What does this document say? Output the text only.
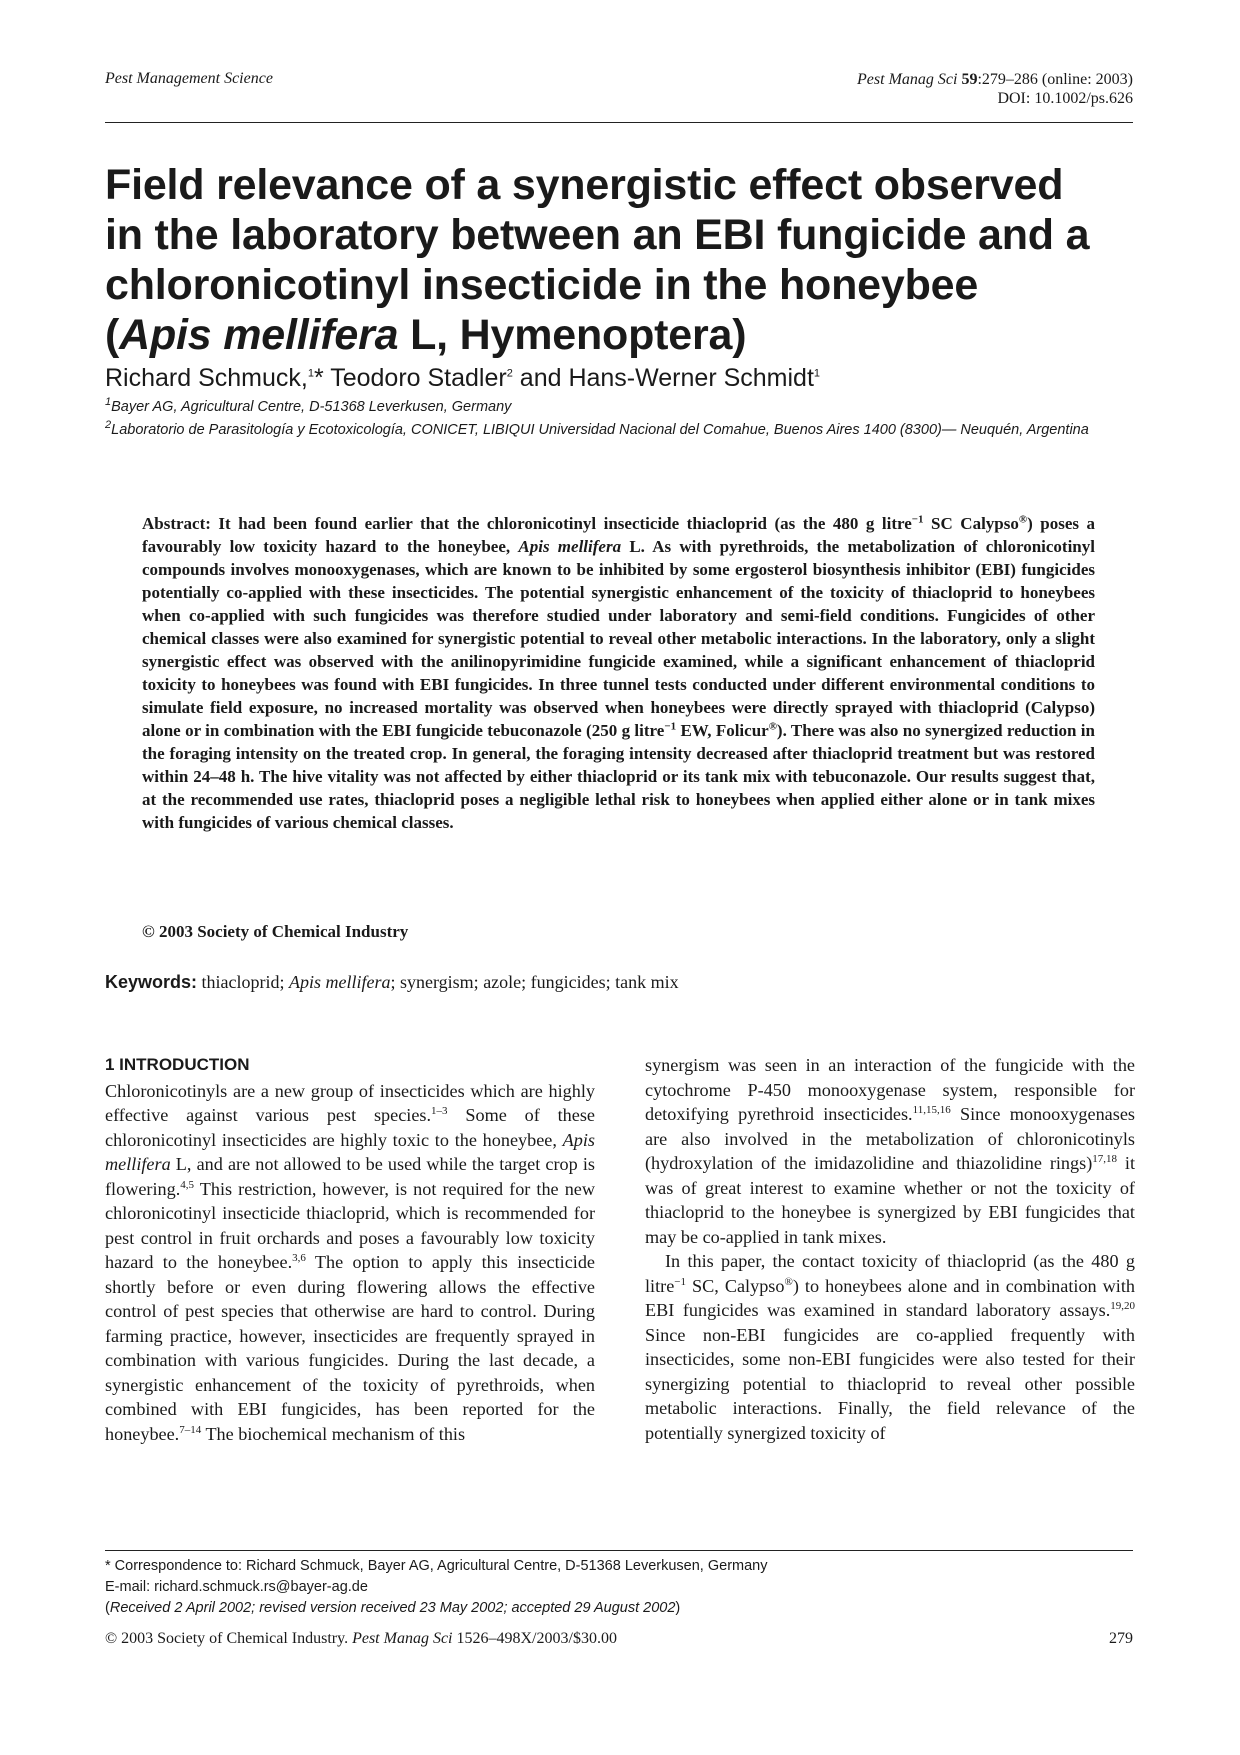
Pest Management Science	Pest Manag Sci 59:279–286 (online: 2003)
DOI: 10.1002/ps.626
Field relevance of a synergistic effect observed
in the laboratory between an EBI fungicide and a
chloronicotinyl insecticide in the honeybee
(Apis mellifera L, Hymenoptera)
Richard Schmuck,$^1$* Teodoro Stadler$^2$ and Hans-Werner Schmidt$^1$
$^1$Bayer AG, Agricultural Centre, D-51368 Leverkusen, Germany
$^2$Laboratorio de Parasitología y Ecotoxicología, CONICET, LIBIQUI Universidad Nacional del Comahue, Buenos Aires 1400 (8300)— Neuquén, Argentina
Abstract: It had been found earlier that the chloronicotinyl insecticide thiacloprid (as the 480 g litre$^{-1}$ SC Calypso®) poses a favourably low toxicity hazard to the honeybee, Apis mellifera L. As with pyrethroids, the metabolization of chloronicotinyl compounds involves monooxygenases, which are known to be inhibited by some ergosterol biosynthesis inhibitor (EBI) fungicides potentially co-applied with these insecticides. The potential synergistic enhancement of the toxicity of thiacloprid to honeybees when co-applied with such fungicides was therefore studied under laboratory and semi-field conditions. Fungicides of other chemical classes were also examined for synergistic potential to reveal other metabolic interactions. In the laboratory, only a slight synergistic effect was observed with the anilinopyrimidine fungicide examined, while a significant enhancement of thiacloprid toxicity to honeybees was found with EBI fungicides. In three tunnel tests conducted under different environmental conditions to simulate field exposure, no increased mortality was observed when honeybees were directly sprayed with thiacloprid (Calypso) alone or in combination with the EBI fungicide tebuconazole (250 g litre$^{-1}$ EW, Folicur®). There was also no synergized reduction in the foraging intensity on the treated crop. In general, the foraging intensity decreased after thiacloprid treatment but was restored within 24–48 h. The hive vitality was not affected by either thiacloprid or its tank mix with tebuconazole. Our results suggest that, at the recommended use rates, thiacloprid poses a negligible lethal risk to honeybees when applied either alone or in tank mixes with fungicides of various chemical classes.
© 2003 Society of Chemical Industry
Keywords: thiacloprid; Apis mellifera; synergism; azole; fungicides; tank mix
1 INTRODUCTION

Chloronicotinyls are a new group of insecticides which are highly effective against various pest species.$^{1-3}$ Some of these chloronicotinyl insecticides are highly toxic to the honeybee, Apis mellifera L, and are not allowed to be used while the target crop is flowering.$^{4,5}$ This restriction, however, is not required for the new chloronicotinyl insecticide thiacloprid, which is recommended for pest control in fruit orchards and poses a favourably low toxicity hazard to the honeybee.$^{3,6}$ The option to apply this insecticide shortly before or even during flowering allows the effective control of pest species that otherwise are hard to control. During farming practice, however, insecticides are frequently sprayed in combination with various fungicides. During the last decade, a synergistic enhancement of the toxicity of pyrethroids, when combined with EBI fungicides, has been reported for the honeybee.$^{7-14}$ The biochemical mechanism of this

synergism was seen in an interaction of the fungicide with the cytochrome P-450 monooxygenase system, responsible for detoxifying pyrethroid insecticides.$^{11,15,16}$ Since monooxygenases are also involved in the metabolization of chloronicotinyls (hydroxylation of the imidazolidine and thiazolidine rings)$^{17,18}$ it was of great interest to examine whether or not the toxicity of thiacloprid to the honeybee is synergized by EBI fungicides that may be co-applied in tank mixes.

In this paper, the contact toxicity of thiacloprid (as the 480 g litre$^{-1}$ SC, Calypso®) to honeybees alone and in combination with EBI fungicides was examined in standard laboratory assays.$^{19,20}$ Since non-EBI fungicides are co-applied frequently with insecticides, some non-EBI fungicides were also tested for their synergizing potential to thiacloprid to reveal other possible metabolic interactions. Finally, the field relevance of the potentially synergized toxicity of

* Correspondence to: Richard Schmuck, Bayer AG, Agricultural Centre, D-51368 Leverkusen, Germany
E-mail: richard.schmuck.rs@bayer-ag.de
(Received 2 April 2002; revised version received 23 May 2002; accepted 29 August 2002)
© 2003 Society of Chemical Industry. Pest Manag Sci 1526–498X/2003/$30.00	279
